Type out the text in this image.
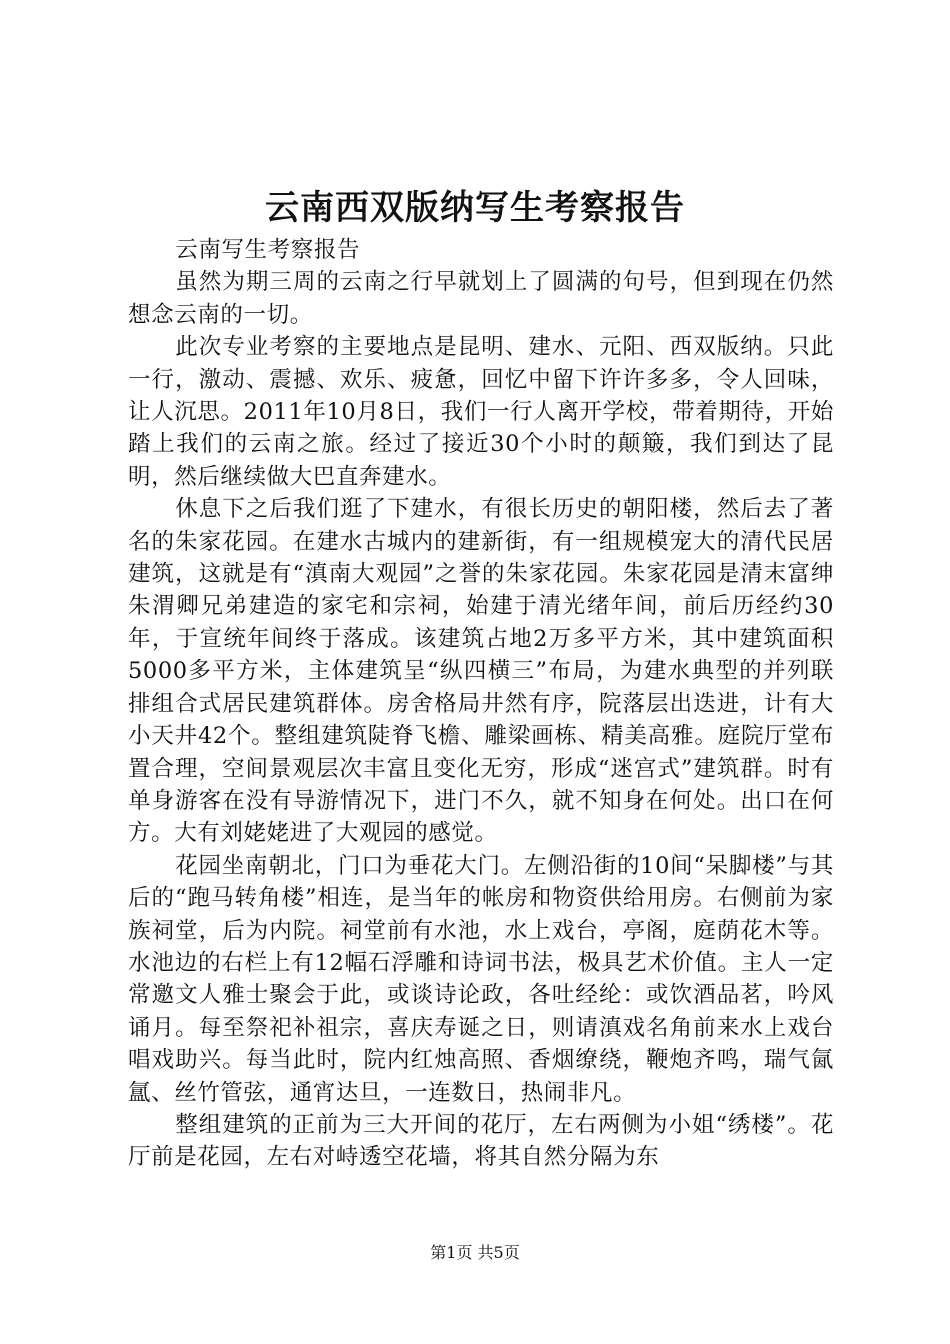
云南西双版纳写生考察报告

云南写生考察报告

虽然为期三周的云南之行早就划上了圆满的句号，但到现在仍然想念云南的一切。

此次专业考察的主要地点是昆明、建水、元阳、西双版纳。只此一行，激动、震撼、欢乐、疲惫，回忆中留下许许多多，令人回味，让人沉思。2011年10月8日，我们一行人离开学校，带着期待，开始踏上我们的云南之旅。经过了接近30个小时的颠簸，我们到达了昆明，然后继续做大巴直奔建水。

休息下之后我们逛了下建水，有很长历史的朝阳楼，然后去了著名的朱家花园。在建水古城内的建新街，有一组规模宠大的清代民居建筑，这就是有“滇南大观园”之誉的朱家花园。朱家花园是清末富绅朱渭卿兄弟建造的家宅和宗祠，始建于清光绪年间，前后历经约30年，于宣统年间终于落成。该建筑占地2万多平方米，其中建筑面积5000多平方米，主体建筑呈“纵四横三”布局，为建水典型的并列联排组合式居民建筑群体。房舍格局井然有序，院落层出迭进，计有大小天井42个。整组建筑陡脊飞檐、雕梁画栋、精美高雅。庭院厅堂布置合理，空间景观层次丰富且变化无穷，形成“迷宫式”建筑群。时有单身游客在没有导游情况下，进门不久，就不知身在何处。出口在何方。大有刘姥姥进了大观园的感觉。

花园坐南朝北，门口为垂花大门。左侧沿街的10间“呆脚楼”与其后的“跑马转角楼”相连，是当年的帐房和物资供给用房。右侧前为家族祠堂，后为内院。祠堂前有水池，水上戏台，亭阁，庭荫花木等。水池边的右栏上有12幅石浮雕和诗词书法，极具艺术价值。主人一定常邀文人雅士聚会于此，或谈诗论政，各吐经纶：或饮酒品茗，吟风诵月。每至祭祀补祖宗，喜庆寿诞之日，则请滇戏名角前来水上戏台唱戏助兴。每当此时，院内红烛高照、香烟缭绕，鞭炮齐鸣，瑞气氤氲、丝竹管弦，通宵达旦，一连数日，热闹非凡。

整组建筑的正前为三大开间的花厅，左右两侧为小姐“绣楼”。花厅前是花园，左右对峙透空花墙，将其自然分隔为东

第1页 共5页
